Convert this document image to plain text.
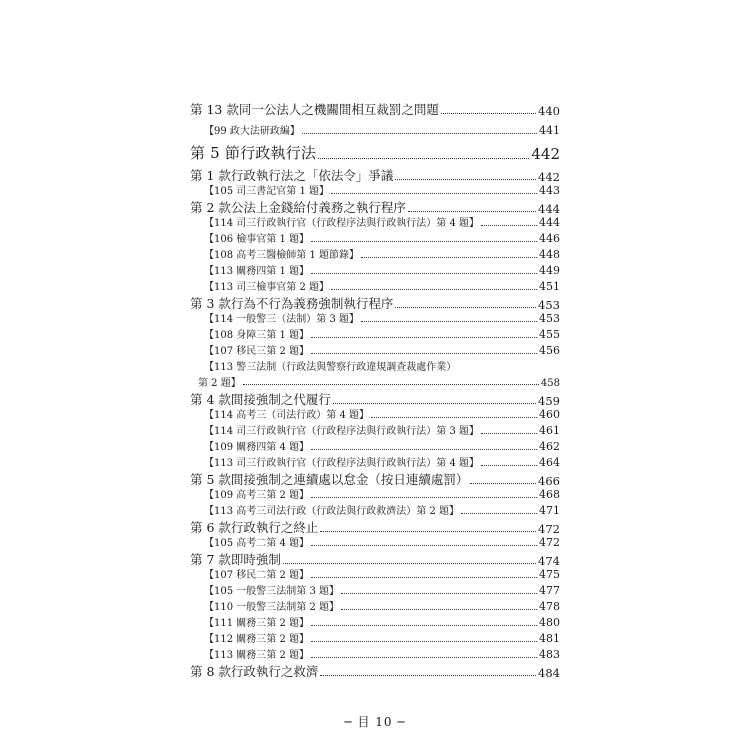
第 13 款同一公法人之機關間相互裁罰之問題	440
【99 政大法研政編】	441
第 5 節行政執行法	442
第 1 款行政執行法之「依法令」爭議	442
【105 司三書記官第 1 題】	443
第 2 款公法上金錢給付義務之執行程序	444
【114 司三行政執行官（行政程序法與行政執行法）第 4 題】	444
【106 檢事官第 1 題】	446
【108 高考三醫檢師第 1 題節錄】	448
【113 關務四第 1 題】	449
【113 司三檢事官第 2 題】	451
第 3 款行為不行為義務強制執行程序	453
【114 一般警三（法制）第 3 題】	453
【108 身障三第 1 題】	455
【107 移民三第 2 題】	456
【113 警三法制（行政法與警察行政違規調查裁處作業）
第 2 題】	458
第 4 款間接強制之代履行	459
【114 高考三（司法行政）第 4 題】	460
【114 司三行政執行官（行政程序法與行政執行法）第 3 題】	461
【109 關務四第 4 題】	462
【113 司三行政執行官（行政程序法與行政執行法）第 4 題】	464
第 5 款間接強制之連續處以怠金（按日連續處罰）	466
【109 高考三第 2 題】	468
【113 高考三司法行政（行政法與行政救濟法）第 2 題】	471
第 6 款行政執行之終止	472
【105 高考二第 4 題】	472
第 7 款即時強制	474
【107 移民二第 2 題】	475
【105 一般警三法制第 3 題】	477
【110 一般警三法制第 2 題】	478
【111 關務三第 2 題】	480
【112 關務三第 2 題】	481
【113 關務三第 2 題】	483
第 8 款行政執行之救濟	484
─ 目 10 ─
